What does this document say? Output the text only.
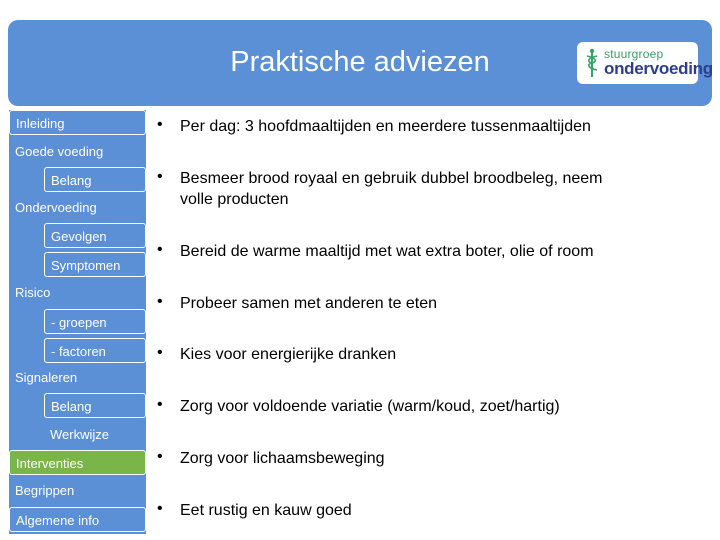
Praktische adviezen	stuurgroep
ondervoeding
Inleiding
Goede voeding
Belang
Ondervoeding
Gevolgen
Symptomen
Risico
- groepen
- factoren
Signaleren
Belang
Werkwijze
Interventies
Begrippen
Algemene info
• Per dag: 3 hoofdmaaltijden en meerdere tussenmaaltijden
• Besmeer brood royaal en gebruik dubbel broodbeleg, neem volle producten
• Bereid de warme maaltijd met wat extra boter, olie of room
• Probeer samen met anderen te eten
• Kies voor energierijke dranken
• Zorg voor voldoende variatie (warm/koud, zoet/hartig)
• Zorg voor lichaamsbeweging
• Eet rustig en kauw goed
